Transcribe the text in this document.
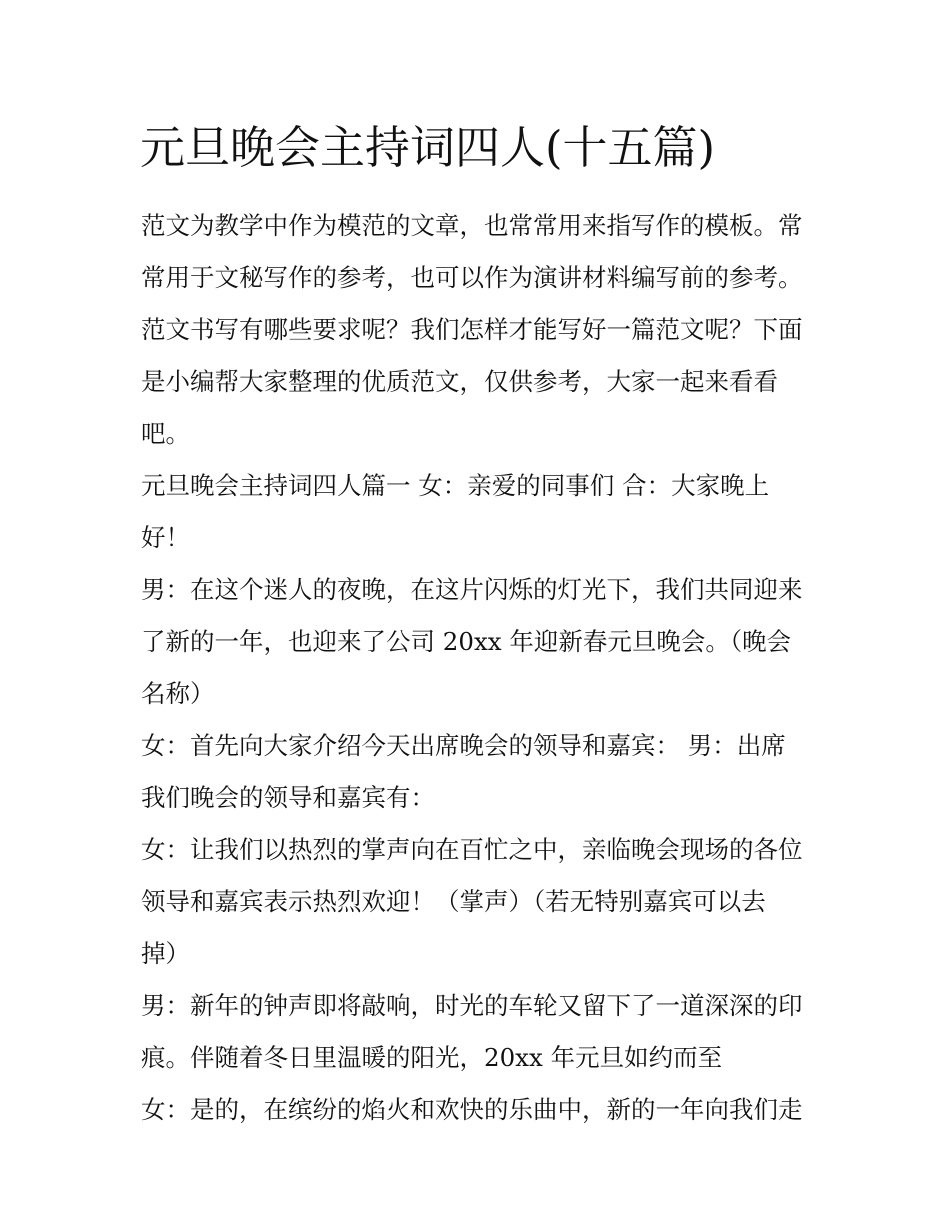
元旦晚会主持词四人(十五篇)

范文为教学中作为模范的文章，也常常用来指写作的模板。常
常用于文秘写作的参考，也可以作为演讲材料编写前的参考。
范文书写有哪些要求呢？我们怎样才能写好一篇范文呢？下面
是小编帮大家整理的优质范文，仅供参考，大家一起来看看
吧。

元旦晚会主持词四人篇一 女：亲爱的同事们 合：大家晚上
好！

男：在这个迷人的夜晚，在这片闪烁的灯光下，我们共同迎来
了新的一年，也迎来了公司 20xx 年迎新春元旦晚会。（晚会
名称）

女：首先向大家介绍今天出席晚会的领导和嘉宾： 男：出席
我们晚会的领导和嘉宾有：

女：让我们以热烈的掌声向在百忙之中，亲临晚会现场的各位
领导和嘉宾表示热烈欢迎！（掌声）（若无特别嘉宾可以去
掉）

男：新年的钟声即将敲响，时光的车轮又留下了一道深深的印
痕。伴随着冬日里温暖的阳光，20xx 年元旦如约而至

女：是的，在缤纷的焰火和欢快的乐曲中，新的一年向我们走
